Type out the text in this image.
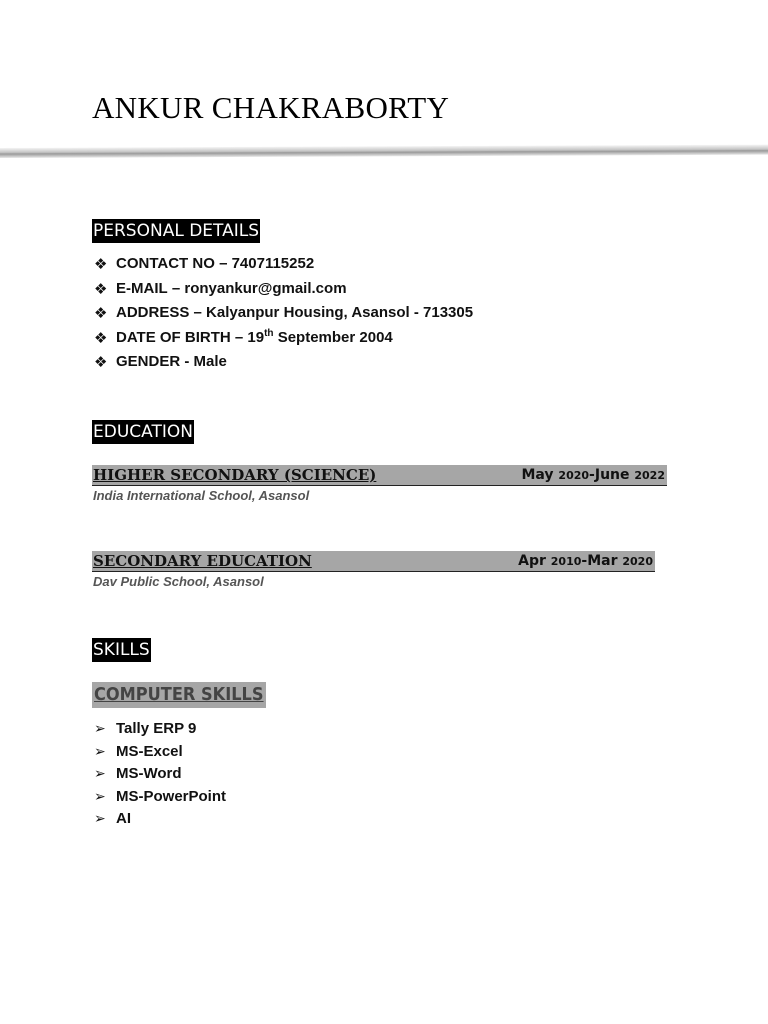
ANKUR CHAKRABORTY
PERSONAL DETAILS
❖ CONTACT NO
–
7407115252
❖ E-MAIL
–
ronyankur@gmail.com
❖ ADDRESS
–
Kalyanpur Housing, Asansol - 713305
❖ DATE OF BIRTH
–
19th September 2004
❖ GENDER
-
Male
EDUCATION
HIGHER SECONDARY (SCIENCE)	May 2020-June 2022
India International School, Asansol
SECONDARY EDUCATION	Apr 2010-Mar 2020
Dav Public School, Asansol
SKILLS
COMPUTER SKILLS
➢ Tally ERP 9
➢ MS-Excel
➢ MS-Word
➢ MS-PowerPoint
➢ AI
